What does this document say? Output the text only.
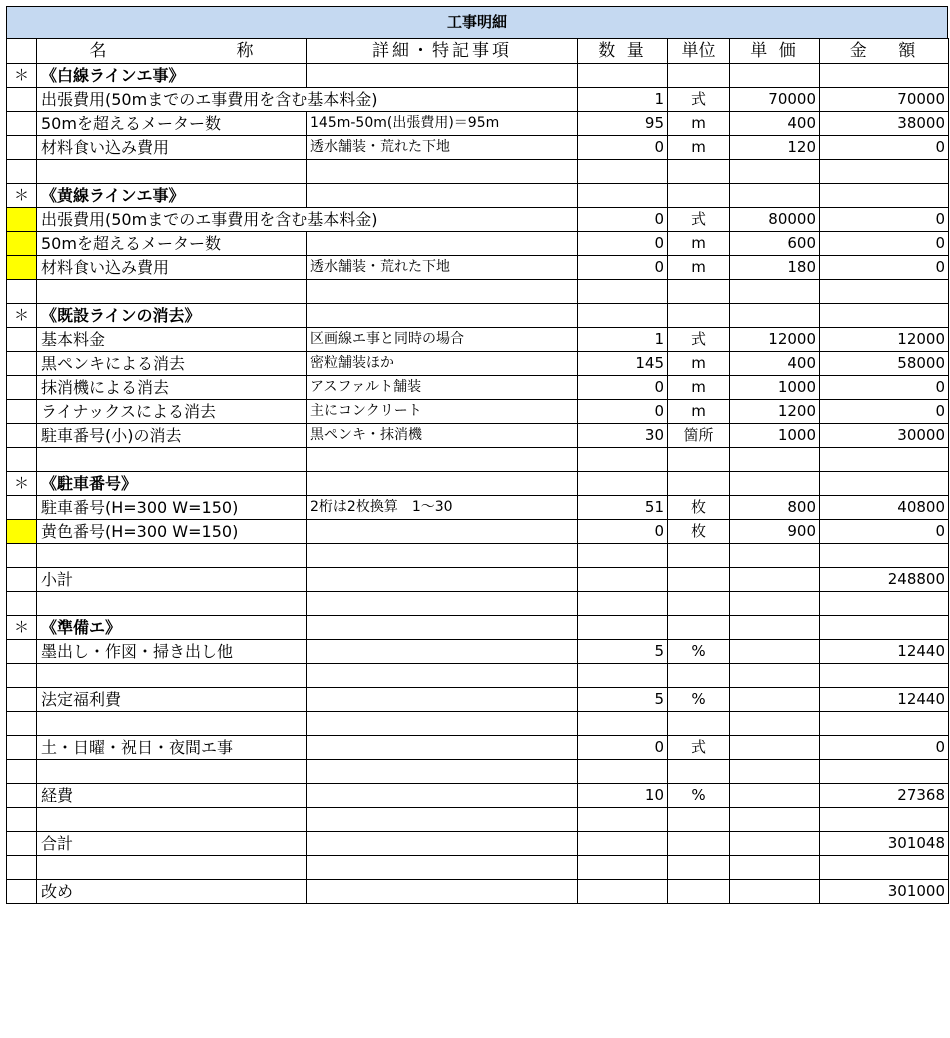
工事明細

	名 称	詳細・特記事項	数 量	単位	単 価	金　 額
＊	《白線ラインエ事》					
	出張費用(50mまでのエ事費用を含む基本料金)		1	式	70000	70000
	50mを超えるメーター数	145m-50m(出張費用)＝95m	95	m	400	38000
	材料食い込み費用	透水舗装・荒れた下地	0	m	120	0

＊	《黄線ラインエ事》					
	出張費用(50mまでのエ事費用を含む基本料金)		0	式	80000	0
	50mを超えるメーター数		0	m	600	0
	材料食い込み費用	透水舗装・荒れた下地	0	m	180	0

＊	《既設ラインの消去》					
	基本料金	区画線エ事と同時の場合	1	式	12000	12000
	黒ペンキによる消去	密粒舗装ほか	145	m	400	58000
	抹消機による消去	アスファルト舗装	0	m	1000	0
	ライナックスによる消去	主にコンクリート	0	m	1200	0
	駐車番号(小)の消去	黒ペンキ・抹消機	30	箇所	1000	30000

＊	《駐車番号》					
	駐車番号(H=300 W=150)	2桁は2枚換算　1～30	51	枚	800	40800
	黄色番号(H=300 W=150)		0	枚	900	0

	小計					248800

＊	《準備エ》					
	墨出し・作図・掃き出し他		5	%		12440

	法定福利費		5	%		12440

	土・日曜・祝日・夜間エ事		0	式		0

	経費		10	%		27368

	合計					301048

	改め					301000
